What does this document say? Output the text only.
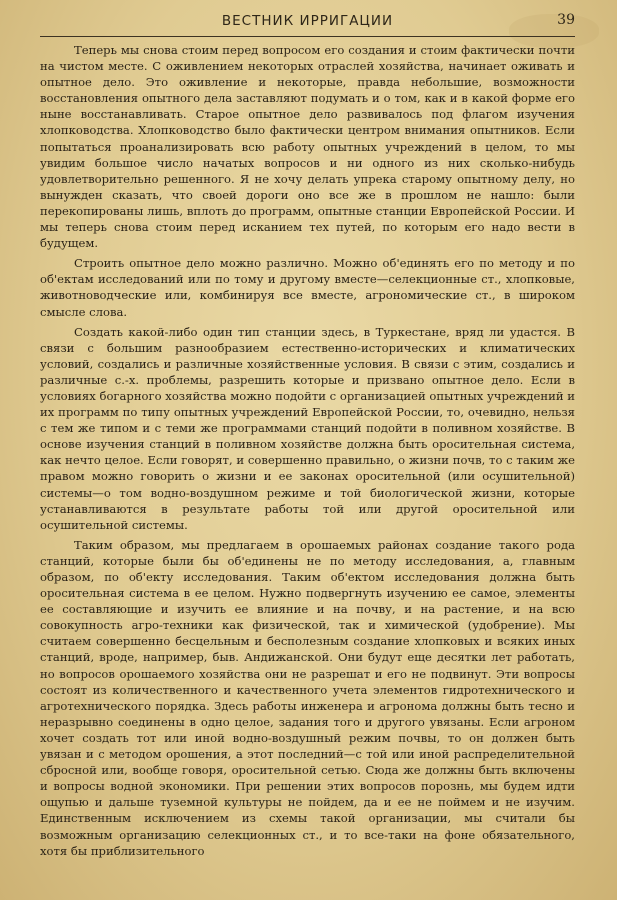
ВЕСТНИК ИРРИГАЦИИ	39

Теперь мы снова стоим перед вопросом его создания и стоим фактически почти на чистом месте. С оживлением некоторых отраслей хозяйства, начинает оживать и опытное дело. Это оживление и некоторые, правда небольшие, возможности восстановления опытного дела заставляют подумать и о том, как и в какой форме его ныне восстанавливать. Старое опытное дело развивалось под флагом изучения хлопководства. Хлопководство было фактически центром внимания опытников. Если попытаться проанализировать всю работу опытных учреждений в целом, то мы увидим большое число начатых вопросов и ни одного из них сколько-нибудь удовлетворительно решенного. Я не хочу делать упрека старому опытному делу, но вынужден сказать, что своей дороги оно все же в прошлом не нашло: были перекопированы лишь, вплоть до программ, опытные станции Европейской России. И мы теперь снова стоим перед исканием тех путей, по которым его надо вести в будущем.

Строить опытное дело можно различно. Можно об'единять его по методу и по об'ектам исследований или по тому и другому вместе—селекционные ст., хлопковые, животноводческие или, комбинируя все вместе, агрономические ст., в широком смысле слова.

Создать какой-либо один тип станции здесь, в Туркестане, вряд ли удастся. В связи с большим разнообразием естественно-исторических и климатических условий, создались и различные хозяйственные условия. В связи с этим, создались и различные с.-х. проблемы, разрешить которые и призвано опытное дело. Если в условиях богарного хозяйства можно подойти с организацией опытных учреждений и их программ по типу опытных учреждений Европейской России, то, очевидно, нельзя с тем же типом и с теми же программами станций подойти в поливном хозяйстве. В основе изучения станций в поливном хозяйстве должна быть оросительная система, как нечто целое. Если говорят, и совершенно правильно, о жизни почв, то с таким же правом можно говорить о жизни и ее законах оросительной (или осушительной) системы—о том водно-воздушном режиме и той биологической жизни, которые устанавливаются в результате работы той или другой оросительной или осушительной системы.

Таким образом, мы предлагаем в орошаемых районах создание такого рода станций, которые были бы об'единены не по методу исследования, а, главным образом, по об'екту исследования. Таким об'ектом исследования должна быть оросительная система в ее целом. Нужно подвергнуть изучению ее самое, элементы ее составляющие и изучить ее влияние и на почву, и на растение, и на всю совокупность агро-техники как физической, так и химической (удобрение). Мы считаем совершенно бесцельным и бесполезным создание хлопковых и всяких иных станций, вроде, например, быв. Андижанской. Они будут еще десятки лет работать, но вопросов орошаемого хозяйства они не разрешат и его не подвинут. Эти вопросы состоят из количественного и качественного учета элементов гидротехнического и агротехнического порядка. Здесь работы инженера и агронома должны быть тесно и неразрывно соединены в одно целое, задания того и другого увязаны. Если агроном хочет создать тот или иной водно-воздушный режим почвы, то он должен быть увязан и с методом орошения, а этот последний—с той или иной распределительной сбросной или, вообще говоря, оросительной сетью. Сюда же должны быть включены и вопросы водной экономики. При решении этих вопросов порознь, мы будем идти ощупью и дальше туземной культуры не пойдем, да и ее не поймем и не изучим. Единственным исключением из схемы такой организации, мы считали бы возможным организацию селекционных ст., и то все-таки на фоне обязательного, хотя бы приблизительного
